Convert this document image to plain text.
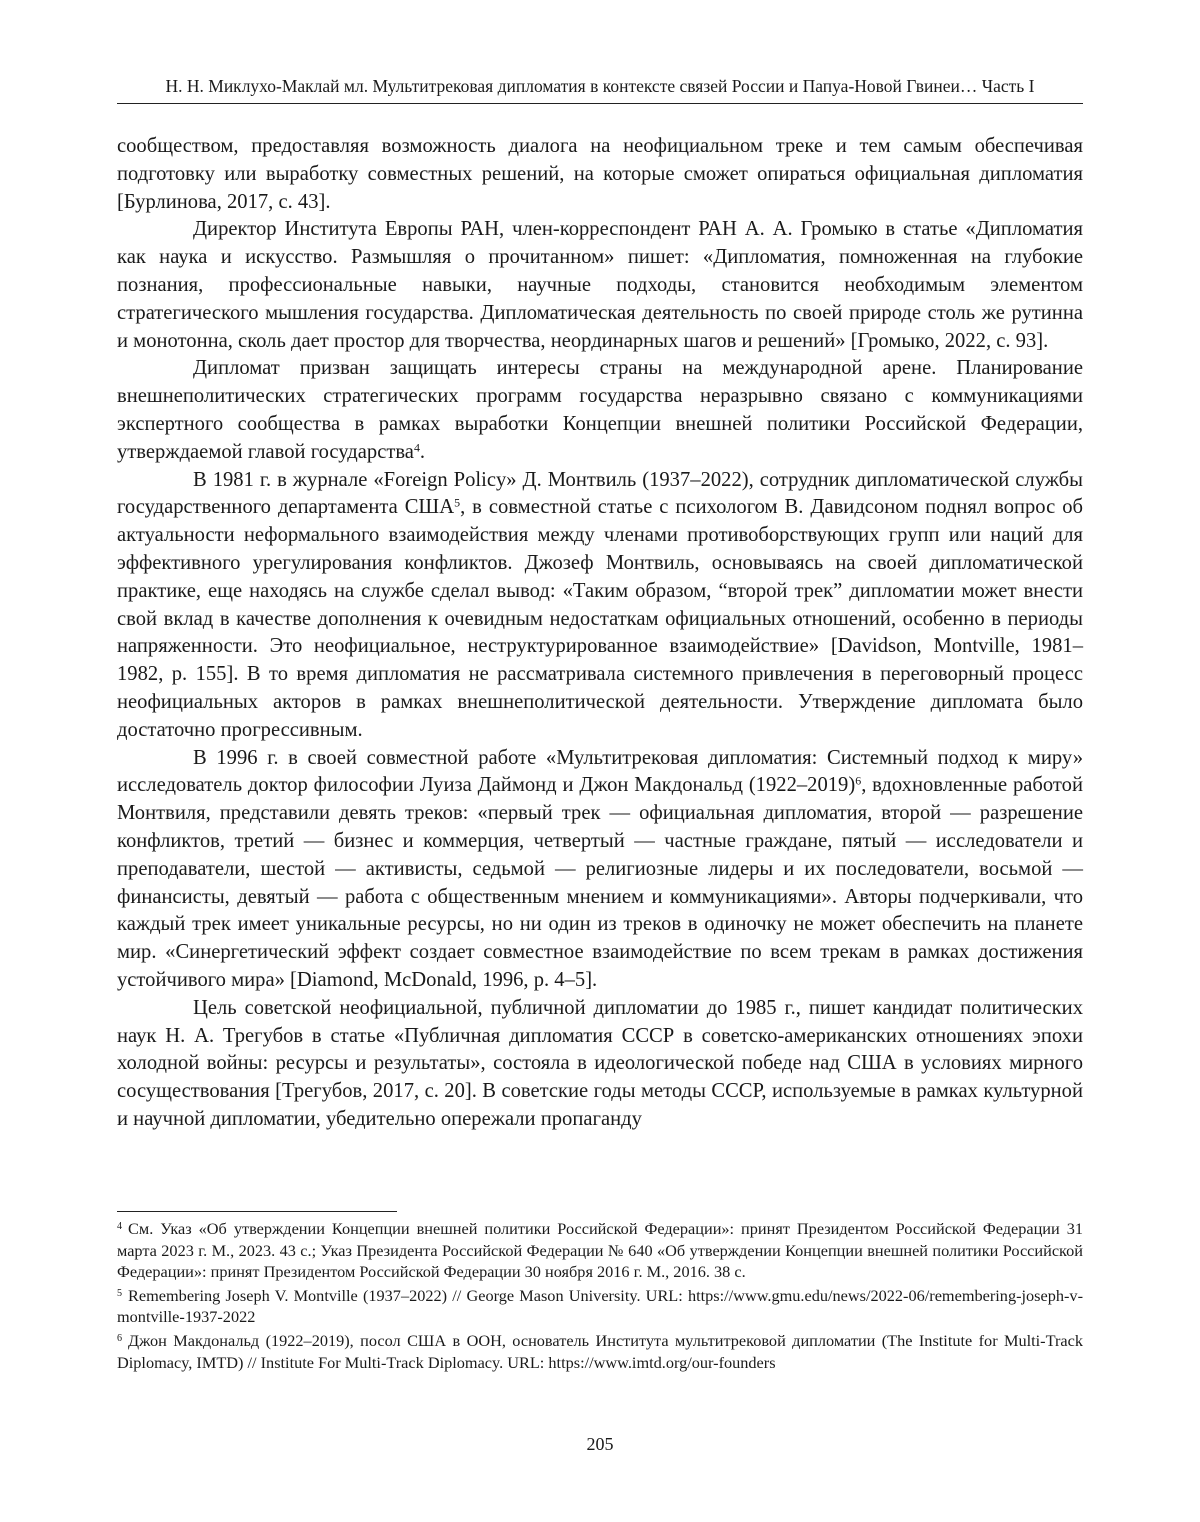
Н. Н. Миклухо-Маклай мл. Мультитрековая дипломатия в контексте связей России и Папуа-Новой Гвинеи… Часть I

сообществом, предоставляя возможность диалога на неофициальном треке и тем самым обеспечивая подготовку или выработку совместных решений, на которые сможет опираться официальная дипломатия [Бурлинова, 2017, с. 43].

Директор Института Европы РАН, член-корреспондент РАН А. А. Громыко в статье «Дипломатия как наука и искусство. Размышляя о прочитанном» пишет: «Дипломатия, помноженная на глубокие познания, профессиональные навыки, научные подходы, становится необходимым элементом стратегического мышления государства. Дипломатическая деятельность по своей природе столь же рутинна и монотонна, сколь дает простор для творчества, неординарных шагов и решений» [Громыко, 2022, с. 93].

Дипломат призван защищать интересы страны на международной арене. Планирование внешнеполитических стратегических программ государства неразрывно связано с коммуникациями экспертного сообщества в рамках выработки Концепции внешней политики Российской Федерации, утверждаемой главой государства$^4$.

В 1981 г. в журнале «Foreign Policy» Д. Монтвиль (1937–2022), сотрудник дипломатической службы государственного департамента США$^5$, в совместной статье с психологом В. Давидсоном поднял вопрос об актуальности неформального взаимодействия между членами противоборствующих групп или наций для эффективного урегулирования конфликтов. Джозеф Монтвиль, основываясь на своей дипломатической практике, еще находясь на службе сделал вывод: «Таким образом, “второй трек” дипломатии может внести свой вклад в качестве дополнения к очевидным недостаткам официальных отношений, особенно в периоды напряженности. Это неофициальное, неструктурированное взаимодействие» [Davidson, Montville, 1981–1982, p. 155]. В то время дипломатия не рассматривала системного привлечения в переговорный процесс неофициальных акторов в рамках внешнеполитической деятельности. Утверждение дипломата было достаточно прогрессивным.

В 1996 г. в своей совместной работе «Мультитрековая дипломатия: Системный подход к миру» исследователь доктор философии Луиза Даймонд и Джон Макдональд (1922–2019)$^6$, вдохновленные работой Монтвиля, представили девять треков: «первый трек — официальная дипломатия, второй — разрешение конфликтов, третий — бизнес и коммерция, четвертый — частные граждане, пятый — исследователи и преподаватели, шестой — активисты, седьмой — религиозные лидеры и их последователи, восьмой — финансисты, девятый — работа с общественным мнением и коммуникациями». Авторы подчеркивали, что каждый трек имеет уникальные ресурсы, но ни один из треков в одиночку не может обеспечить на планете мир. «Синергетический эффект создает совместное взаимодействие по всем трекам в рамках достижения устойчивого мира» [Diamond, McDonald, 1996, p. 4–5].

Цель советской неофициальной, публичной дипломатии до 1985 г., пишет кандидат политических наук Н. А. Трегубов в статье «Публичная дипломатия СССР в советско-американских отношениях эпохи холодной войны: ресурсы и результаты», состояла в идеологической победе над США в условиях мирного сосуществования [Трегубов, 2017, с. 20]. В советские годы методы СССР, используемые в рамках культурной и научной дипломатии, убедительно опережали пропаганду

$^4$ См. Указ «Об утверждении Концепции внешней политики Российской Федерации»: принят Президентом Российской Федерации 31 марта 2023 г. М., 2023. 43 с.; Указ Президента Российской Федерации № 640 «Об утверждении Концепции внешней политики Российской Федерации»: принят Президентом Российской Федерации 30 ноября 2016 г. М., 2016. 38 с.

$^5$ Remembering Joseph V. Montville (1937–2022) // George Mason University. URL: https://www.gmu.edu/news/2022-06/remembering-joseph-v-montville-1937-2022

$^6$ Джон Макдональд (1922–2019), посол США в ООН, основатель Института мультитрековой дипломатии (The Institute for Multi-Track Diplomacy, IMTD) // Institute For Multi-Track Diplomacy. URL: https://www.imtd.org/our-founders

205
